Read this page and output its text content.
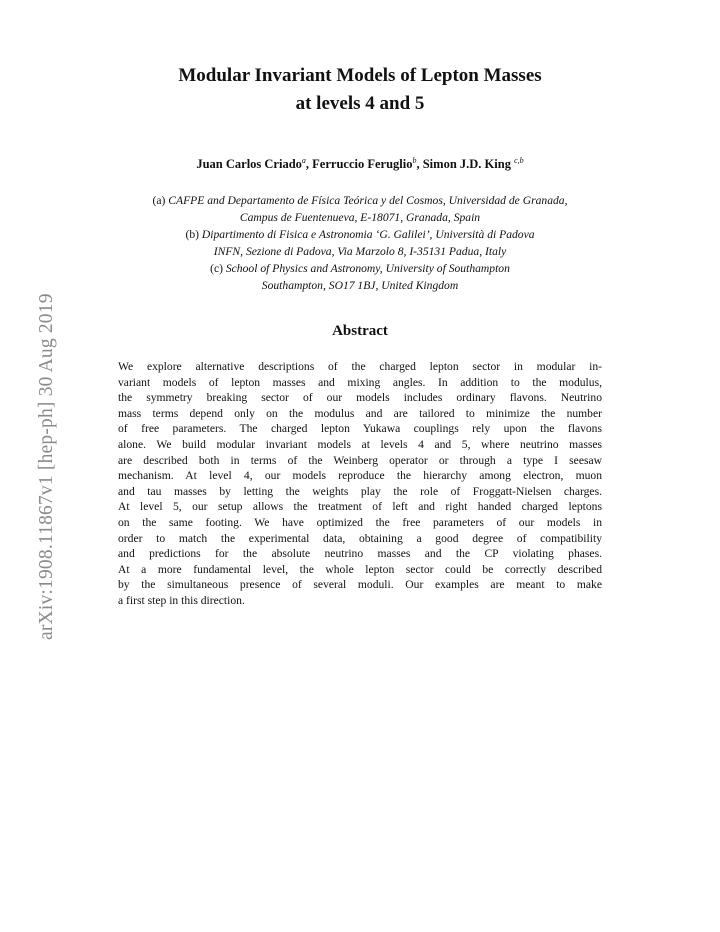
arXiv:1908.11867v1 [hep-ph] 30 Aug 2019
Modular Invariant Models of Lepton Masses
at levels 4 and 5
Juan Carlos Criado$^a$, Ferruccio Feruglio$^b$, Simon J.D. King $^{c,b}$
(a) CAFPE and Departamento de Física Teórica y del Cosmos, Universidad de Granada,
Campus de Fuentenueva, E-18071, Granada, Spain
(b) Dipartimento di Fisica e Astronomia ‘G. Galilei’, Università di Padova
INFN, Sezione di Padova, Via Marzolo 8, I-35131 Padua, Italy
(c) School of Physics and Astronomy, University of Southampton
Southampton, SO17 1BJ, United Kingdom
Abstract
We explore alternative descriptions of the charged lepton sector in modular in-
variant models of lepton masses and mixing angles. In addition to the modulus,
the symmetry breaking sector of our models includes ordinary flavons. Neutrino
mass terms depend only on the modulus and are tailored to minimize the number
of free parameters. The charged lepton Yukawa couplings rely upon the flavons
alone. We build modular invariant models at levels 4 and 5, where neutrino masses
are described both in terms of the Weinberg operator or through a type I seesaw
mechanism. At level 4, our models reproduce the hierarchy among electron, muon
and tau masses by letting the weights play the role of Froggatt-Nielsen charges.
At level 5, our setup allows the treatment of left and right handed charged leptons
on the same footing. We have optimized the free parameters of our models in
order to match the experimental data, obtaining a good degree of compatibility
and predictions for the absolute neutrino masses and the CP violating phases.
At a more fundamental level, the whole lepton sector could be correctly described
by the simultaneous presence of several moduli. Our examples are meant to make
a first step in this direction.
